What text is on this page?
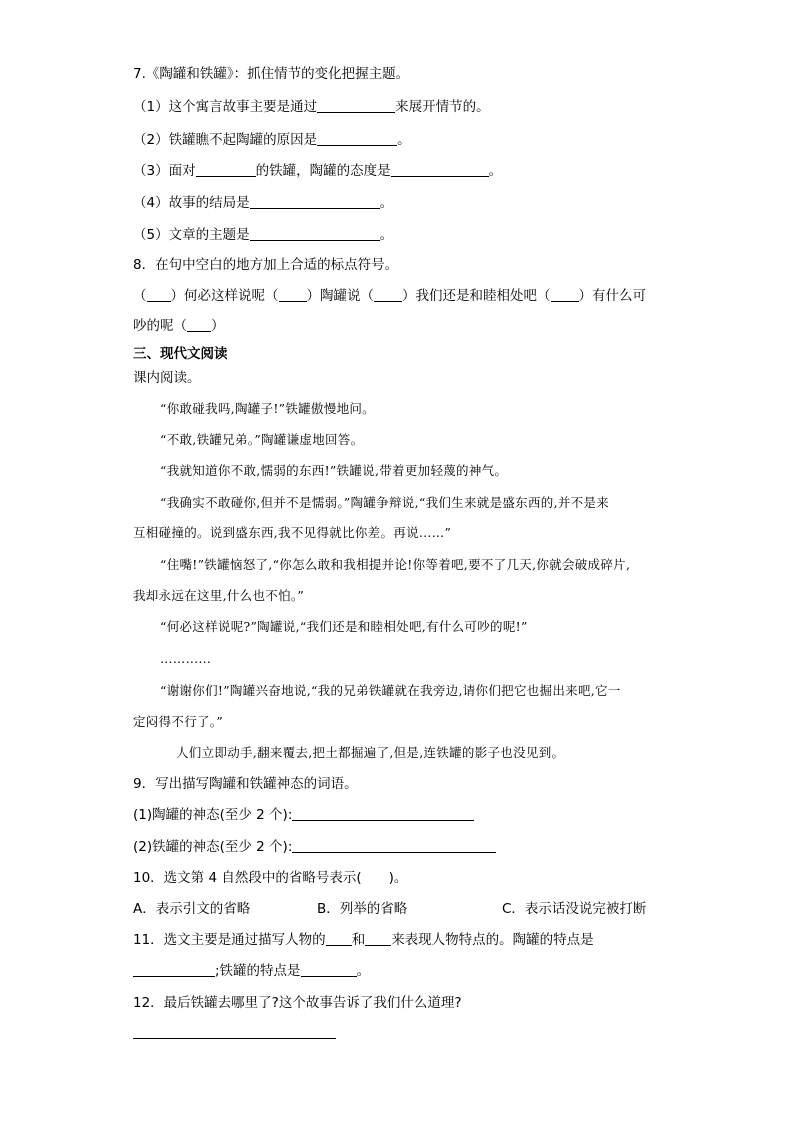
7.《陶罐和铁罐》：抓住情节的变化把握主题。
（1）这个寓言故事主要是通过	来展开情节的。
（2）铁罐瞧不起陶罐的原因是	。
（3）面对	的铁罐，陶罐的态度是	。
（4）故事的结局是	。
（5）文章的主题是	。
8．在句中空白的地方加上合适的标点符号。
（ ）何必这样说呢（ ）陶罐说（ ）我们还是和睦相处吧（ ）有什么可
吵的呢（ ）
三、现代文阅读
课内阅读。
“你敢碰我吗,陶罐子!”铁罐傲慢地问。
“不敢,铁罐兄弟。”陶罐谦虚地回答。
“我就知道你不敢,懦弱的东西!”铁罐说,带着更加轻蔑的神气。
“我确实不敢碰你,但并不是懦弱。”陶罐争辩说,“我们生来就是盛东西的,并不是来
互相碰撞的。说到盛东西,我不见得就比你差。再说……”
“住嘴!”铁罐恼怒了,“你怎么敢和我相提并论!你等着吧,要不了几天,你就会破成碎片,
我却永远在这里,什么也不怕。”
“何必这样说呢?”陶罐说,“我们还是和睦相处吧,有什么可吵的呢!”
…………
“谢谢你们!”陶罐兴奋地说,“我的兄弟铁罐就在我旁边,请你们把它也掘出来吧,它一
定闷得不行了。”
人们立即动手,翻来覆去,把土都掘遍了,但是,连铁罐的影子也没见到。
9．写出描写陶罐和铁罐神态的词语。
(1)陶罐的神态(至少 2 个):
(2)铁罐的神态(至少 2 个):
10．选文第 4 自然段中的省略号表示(　　)。
A．表示引文的省略	B．列举的省略	C．表示话没说完被打断
11．选文主要是通过描写人物的 和 来表现人物特点的。陶罐的特点是
;铁罐的特点是	。
12．最后铁罐去哪里了?这个故事告诉了我们什么道理?
